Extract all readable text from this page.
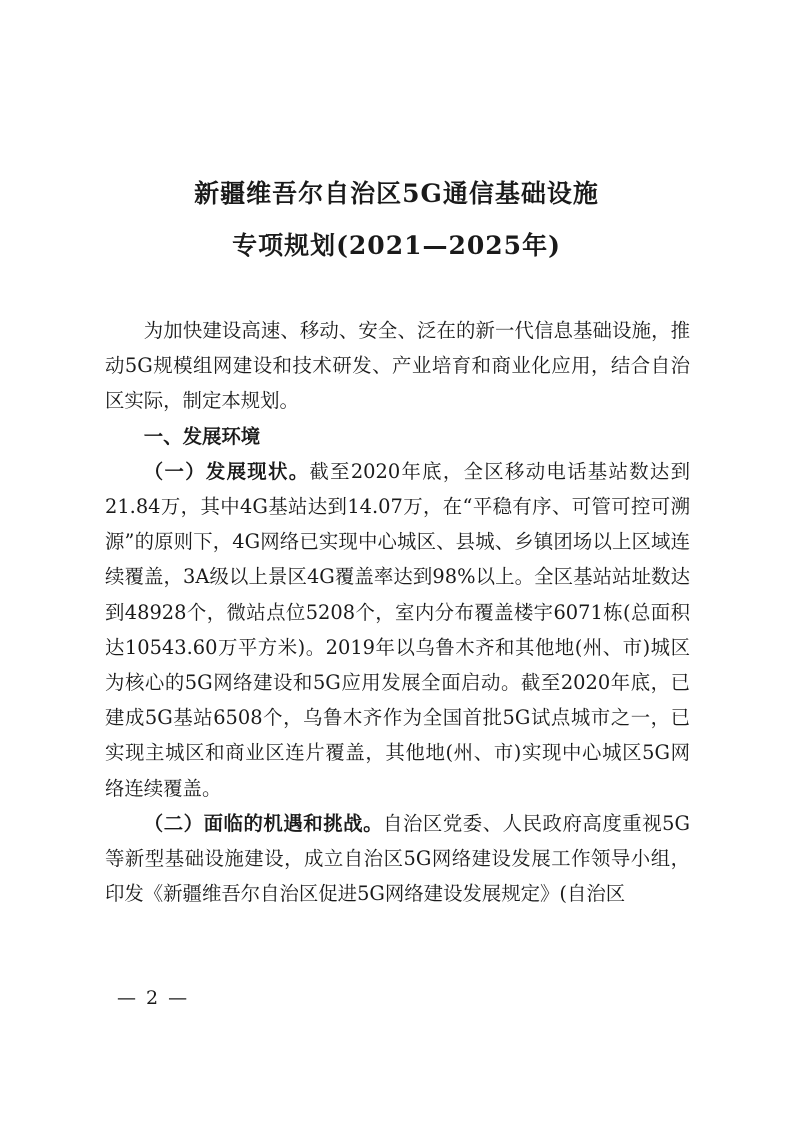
新疆维吾尔自治区5G通信基础设施
专项规划(2021—2025年)

为加快建设高速、移动、安全、泛在的新一代信息基础设施，推动5G规模组网建设和技术研发、产业培育和商业化应用，结合自治区实际，制定本规划。

一、发展环境

（一）发展现状。截至2020年底，全区移动电话基站数达到21.84万，其中4G基站达到14.07万，在“平稳有序、可管可控可溯源”的原则下，4G网络已实现中心城区、县城、乡镇团场以上区域连续覆盖，3A级以上景区4G覆盖率达到98%以上。全区基站站址数达到48928个，微站点位5208个，室内分布覆盖楼宇6071栋(总面积达10543.60万平方米)。2019年以乌鲁木齐和其他地(州、市)城区为核心的5G网络建设和5G应用发展全面启动。截至2020年底，已建成5G基站6508个，乌鲁木齐作为全国首批5G试点城市之一，已实现主城区和商业区连片覆盖，其他地(州、市)实现中心城区5G网络连续覆盖。

（二）面临的机遇和挑战。自治区党委、人民政府高度重视5G等新型基础设施建设，成立自治区5G网络建设发展工作领导小组，印发《新疆维吾尔自治区促进5G网络建设发展规定》(自治区

— 2 —
